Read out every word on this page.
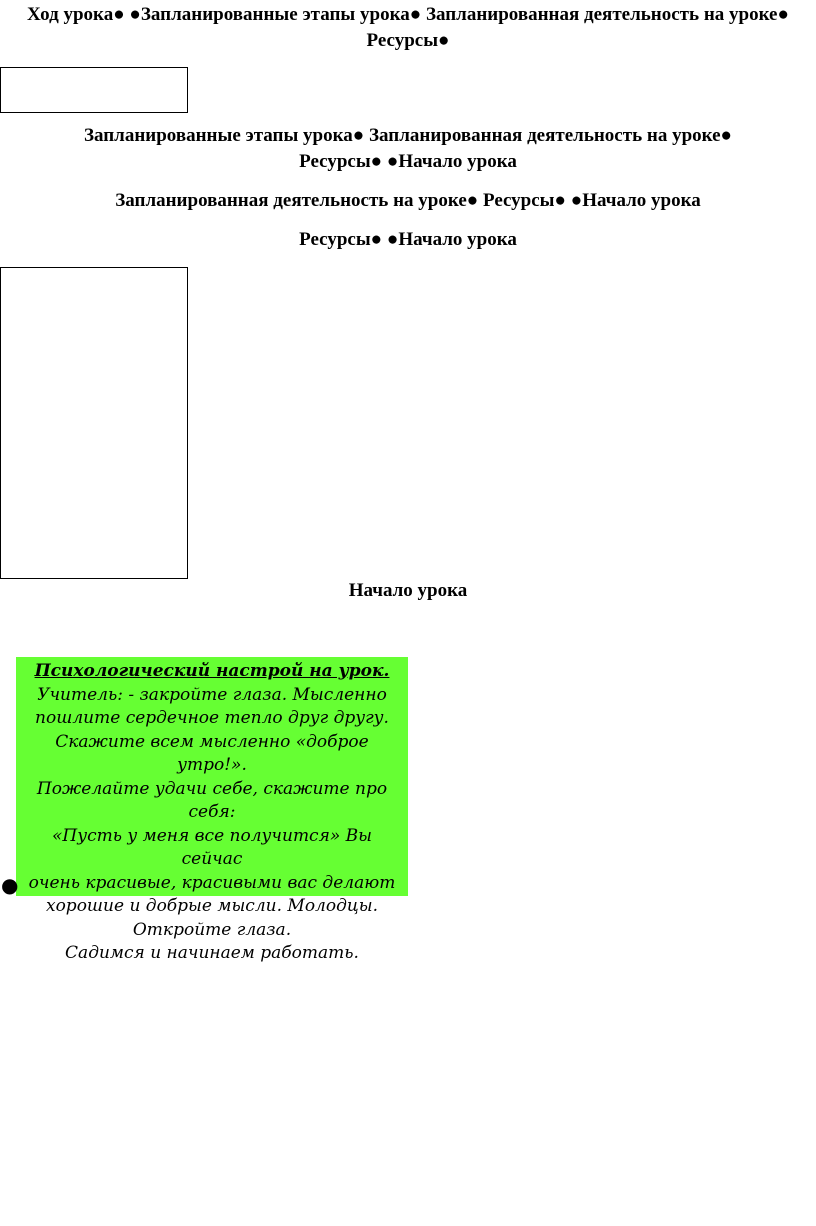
Ход урока● ●Запланированные этапы урока● Запланированная деятельность на уроке● Ресурсы●

Запланированные этапы урока● Запланированная деятельность на уроке● Ресурсы● ●Начало урока

Запланированная деятельность на уроке● Ресурсы● ●Начало урока

Ресурсы● ●Начало урока

Начало урока

Психологический настрой на урок.
Учитель: - закройте глаза. Мысленно
пошлите сердечное тепло друг другу.
Скажите всем мысленно «доброе утро!».
Пожелайте удачи себе, скажите про себя:
«Пусть у меня все получится» Вы сейчас
очень красивые, красивыми вас делают
хорошие и добрые мысли. Молодцы.
Откройте глаза.
Садимся и начинаем работать.
●
